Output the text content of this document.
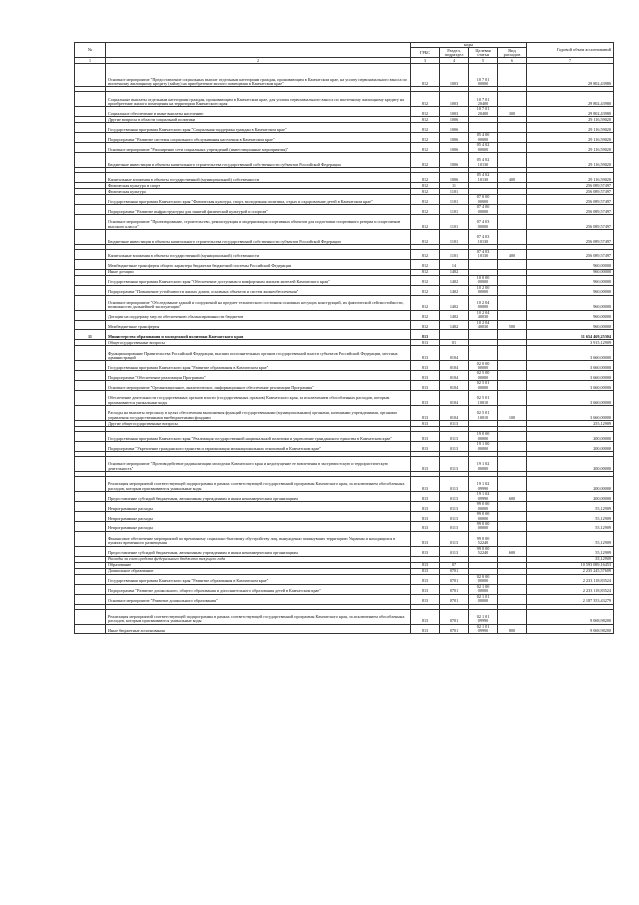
№		коды				Годовой объем ассигнований
		ГРБС	Раздел, подраздел	Целевая статья	Вид расходов	
1	2	3	4	5	6	7
	Основное мероприятие "Предоставление социальных выплат отдельным категориям граждан, проживающим в Камчатском крае, на уплату первоначального взноса по ипотечному жилищному кредиту (займу) на приобретение жилого помещения в Камчатском крае"	812	1003	10 7 01 00000		29 802,43980

	Социальные выплаты отдельным категориям граждан, проживающим в Камчатском крае, для уплаты первоначального взноса по ипотечному жилищному кредиту на приобретение жилого помещения на территории Камчатского края	812	1003	10 7 01 20400		29 802,43980
	Социальное обеспечение и иные выплаты населению	812	1003	10 7 01 20400	300	29 802,43980
	Другие вопросы в области социальной политики	812	1006			29 116,59020
	Государственная программа Камчатского края "Социальная поддержка граждан в Камчатском крае"	812	1006			29 116,59020
	Подпрограмма "Развитие системы социального обслуживания населения в Камчатском крае"	812	1006	05 4 00 00000		29 116,59020
	Основное мероприятие "Расширение сети социальных учреждений (инвестиционные мероприятия)"	812	1006	05 4 02 00000		29 116,59020
	Бюджетные инвестиции в объекты капитального строительства государственной собственности субъектов Российской Федерации	812	1006	05 4 02 10130		29 116,59020

	Капитальные вложения в объекты государственной (муниципальной) собственности	812	1006	05 4 02 10130	400	29 116,59020
	Физическая культура и спорт	812	11			256 089,57497
	Физическая культура	812	1101			256 089,57497
	Государственная программа Камчатского края "Физическая культура, спорт, молодежная политика, отдых и оздоровление детей в Камчатском крае"	812	1101	07 0 00 00000		256 089,57497
	Подпрограмма "Развитие инфраструктуры для занятий физической культурой и спортом"	812	1101	07 4 00 00000		256 089,57497
	Основное мероприятие "Проектирование, строительство, реконструкция и модернизация спортивных объектов для подготовки спортивного резерва и спортсменов высокого класса"	812	1101	07 4 03 00000		256 089,57497
	Бюджетные инвестиции в объекты капитального строительства государственной собственности субъектов Российской Федерации	812	1101	07 4 03 10130		256 089,57497

	Капитальные вложения в объекты государственной (муниципальной) собственности	812	1101	07 4 03 10130	400	256 089,57497
	Межбюджетные трансферты общего характера бюджетам бюджетной системы Российской Федерации	812	14			960,00000
	Иные дотации	812	1402			960,00000
	Государственная программа Камчатского края "Обеспечение доступным и комфортным жильем жителей Камчатского края"	812	1402	10 0 00 00000		960,00000
	Подпрограмма "Повышение устойчивости жилых домов, основных объектов и систем жизнеобеспечения"	812	1402	10 2 00 00000		960,00000
	Основное мероприятие "Обследование зданий и сооружений на предмет технического состояния основных несущих конструкций, их фактической сейсмостойкости, возможности дальнейшей эксплуатации"	812	1402	10 2 04 00000		960,00000
	Дотации на поддержку мер по обеспечению сбалансированности бюджетов	812	1402	10 2 04 40030		960,00000
	Межбюджетные трансферты	812	1402	10 2 04 40030	500	960,00000
11	Министерство образования и молодежной политики Камчатского края	813				11 654 469,25304
	Общегосударственные вопросы	813	01			3 915,12909
	Функционирование Правительства Российской Федерации, высших исполнительных органов государственной власти субъектов Российской Федерации, местных администраций	813	0104			3 660,00000
	Государственная программа Камчатского края "Развитие образования в Камчатском крае"	813	0104	02 0 00 00000		3 660,00000
	Подпрограмма "Обеспечение реализации Программы"	813	0104	02 5 00 00000		3 660,00000
	Основное мероприятие "Организационное, аналитическое, информационное обеспечение реализации Программы"	813	0104	02 5 01 00000		3 660,00000
	Обеспечение деятельности государственных органов власти (государственных органов) Камчатского края, за исключением обособленных расходов, которым присваиваются уникальные коды	813	0104	02 5 01 10010		3 660,00000
	Расходы на выплаты персоналу в целях обеспечения выполнения функций государственными (муниципальными) органами, казенными учреждениями, органами управления государственными внебюджетными фондами	813	0104	02 5 01 10010	100	3 660,00000
	Другие общегосударственные вопросы	813	0113			255,12909

	Государственная программа Камчатского края "Реализация государственной национальной политики и укрепление гражданского единства в Камчатском крае"	813	0113	19 0 00 00000		200,00000
	Подпрограмма "Укрепление гражданского единства и гармонизация межнациональных отношений в Камчатском крае"	813	0113	19 1 00 00000		200,00000

	Основное мероприятие "Противодействие радикализации молодежи Камчатского края и недопущение ее вовлечения в экстремистскую и террористическую деятельность"	813	0113	19 1 02 00000		200,00000

	Реализация мероприятий соответствующей подпрограммы в рамках соответствующей государственной программы Камчатского края, за исключением обособленных расходов, которым присваиваются уникальные коды	813	0113	19 1 02 09990		200,00000
	Предоставление субсидий бюджетным, автономным учреждениям и иным некоммерческим организациям	813	0113	19 1 02 09990	600	200,00000
	Непрограммные расходы	813	0113	99 0 00 00000		55,12909
	Непрограммные расходы	813	0113	99 0 00 00000		55,12909
	Непрограммные расходы	813	0113	99 0 00 00000		55,12909
	Финансовое обеспечение мероприятий по временному социально-бытовому обустройству лиц, вынужденно покинувших территорию Украины и находящихся в пунктах временного размещения	813	0113	99 0 00 52240		55,12909
	Предоставление субсидий бюджетным, автономным учреждениям и иным некоммерческим организациям	813	0113	99 0 00 52240	600	55,12909
	Расходы за счет средств федерального бюджета текущего года					55,12909
	Образование	813	07			10 593 089,16453
	Дошкольное образование	813	0701			2 235 245,57609
	Государственная программа Камчатского края "Развитие образования в Камчатском крае"	813	0701	02 0 00 00000		2 233 118,83524
	Подпрограмма "Развитие дошкольного, общего образования и дополнительного образования детей в Камчатском крае"	813	0701	02 1 00 00000		2 233 118,83524
	Основное мероприятие "Развитие дошкольного образования"	813	0701	02 1 01 00000		2 187 353,43279

	Реализация мероприятий соответствующей подпрограммы в рамках соответствующей государственной программы Камчатского края, за исключением обособленных расходов, которым присваиваются уникальные коды	813	0701	02 1 01 09990		9 068,98200
	Иные бюджетные ассигнования	813	0701	02 1 01 09990	800	9 068,98200
